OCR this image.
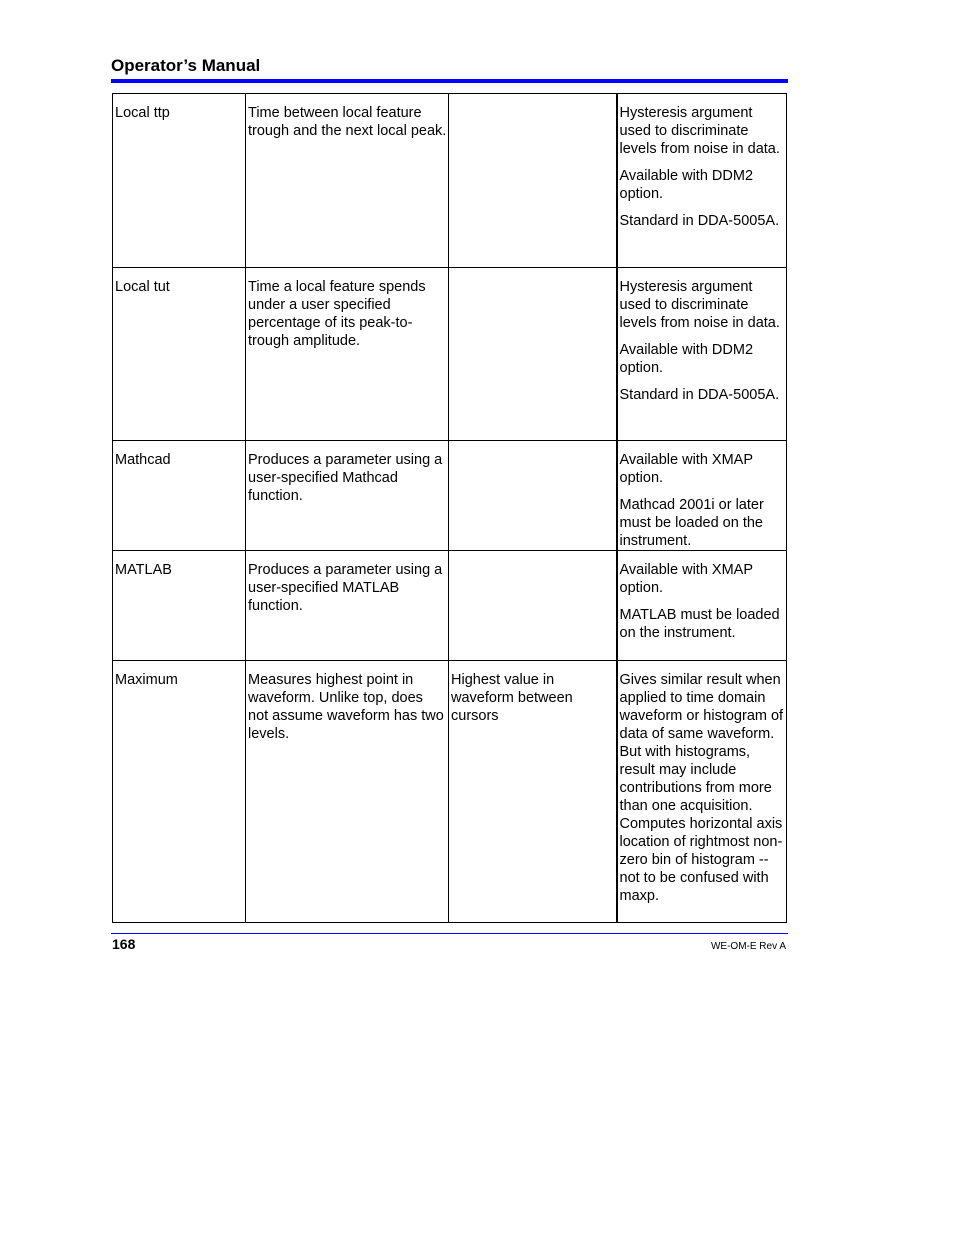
Operator’s Manual
Local ttp	Time between local feature trough and the next local peak.		Hysteresis argument used to discriminate levels from noise in data.
Available with DDM2 option.
Standard in DDA-5005A.

Local tut	Time a local feature spends under a user specified percentage of its peak-to-trough amplitude.		Hysteresis argument used to discriminate levels from noise in data.
Available with DDM2 option.
Standard in DDA-5005A.

Mathcad	Produces a parameter using a user-specified Mathcad function.		Available with XMAP option.
Mathcad 2001i or later must be loaded on the instrument.

MATLAB	Produces a parameter using a user-specified MATLAB function.		Available with XMAP option.
MATLAB must be loaded on the instrument.

Maximum	Measures highest point in waveform. Unlike top, does not assume waveform has two levels.	Highest value in waveform between cursors	Gives similar result when applied to time domain waveform or histogram of data of same waveform. But with histograms, result may include contributions from more than one acquisition. Computes horizontal axis location of rightmost non-zero bin of histogram -- not to be confused with maxp.
168	WE-OM-E Rev A
